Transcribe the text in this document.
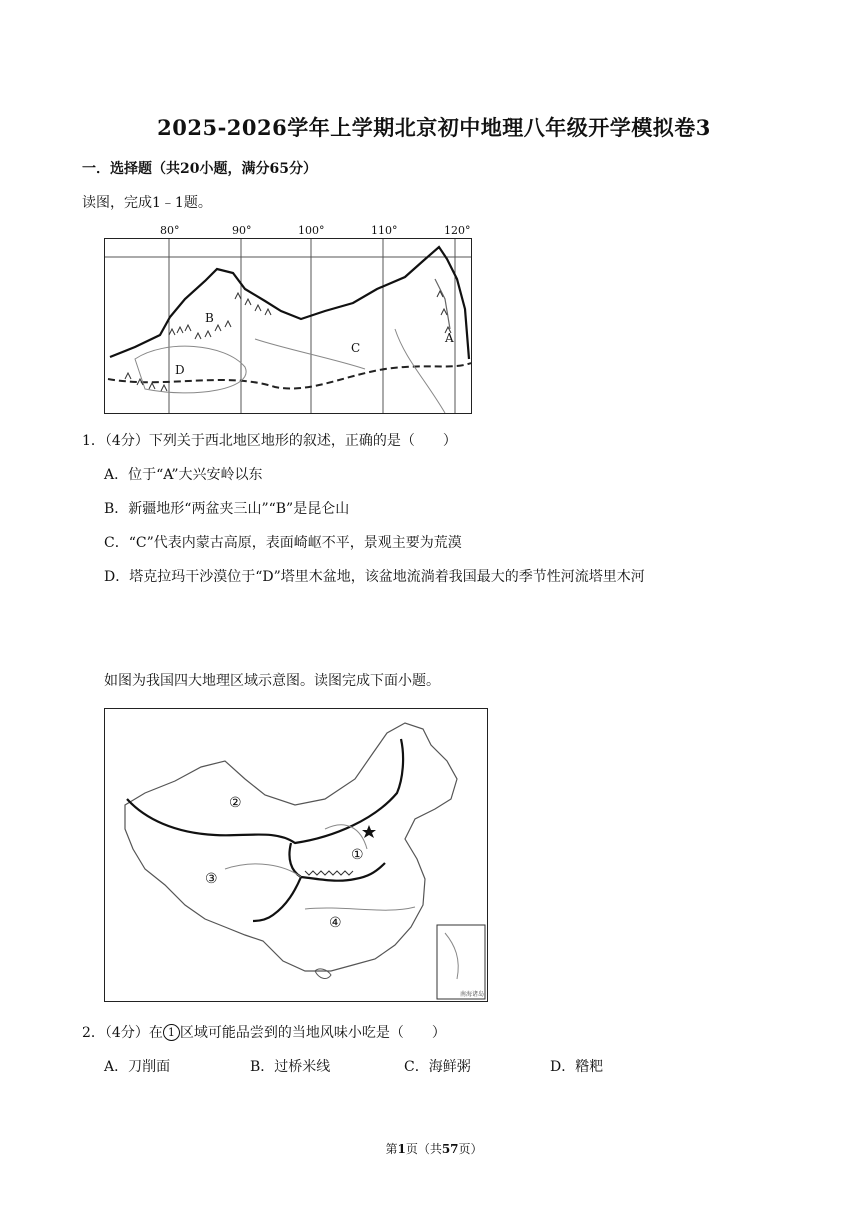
2025-2026学年上学期北京初中地理八年级开学模拟卷3
一．选择题（共20小题，满分65分）
读图，完成1﹣1题。
80°	90°	100°	110°	120°
A
B
C
D
1．（4分）下列关于西北地区地形的叙述，正确的是（　　）
A．位于“A”大兴安岭以东
B．新疆地形“两盆夹三山”“B”是昆仑山
C．“C”代表内蒙古高原，表面崎岖不平，景观主要为荒漠
D．塔克拉玛干沙漠位于“D”塔里木盆地，该盆地流淌着我国最大的季节性河流塔里木河
如图为我国四大地理区域示意图。读图完成下面小题。
②
①
③
④
南海诸岛
2．（4分）在 1 区域可能品尝到的当地风味小吃是（　　）
A．刀削面	B．过桥米线	C．海鲜粥	D．糌粑
第1页（共57页）
